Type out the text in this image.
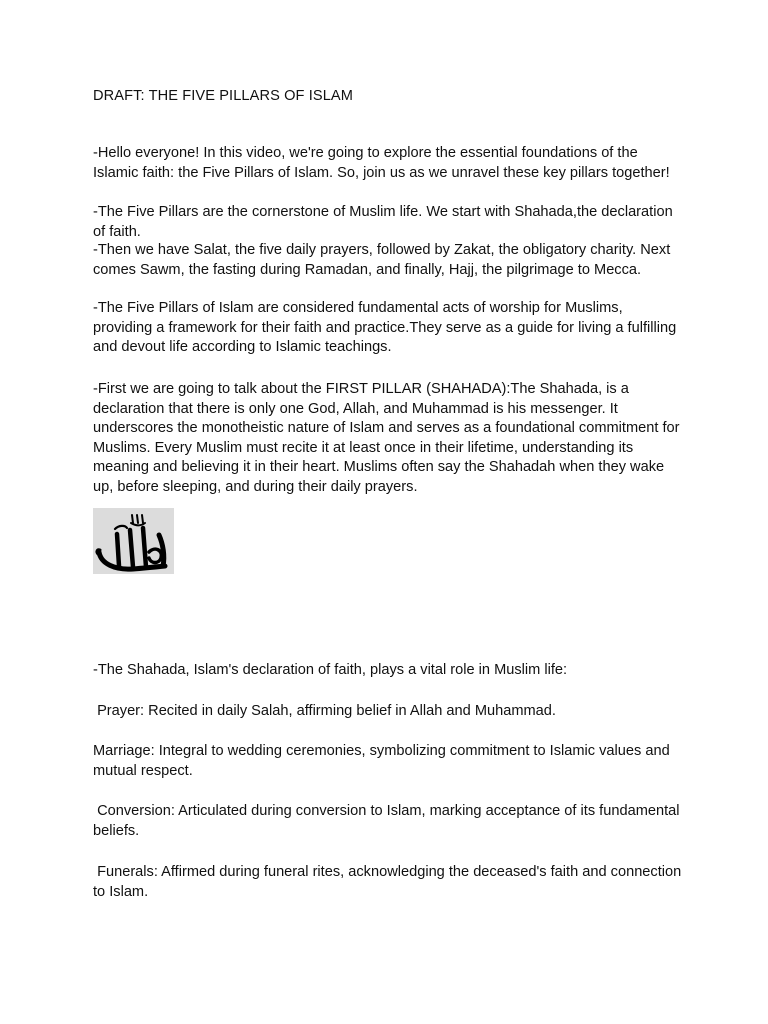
DRAFT: THE FIVE PILLARS OF ISLAM

-Hello everyone! In this video, we're going to explore the essential foundations of the Islamic faith: the Five Pillars of Islam. So, join us as we unravel these key pillars together!

-The Five Pillars are the cornerstone of Muslim life. We start with Shahada,the declaration of faith.

-Then we have Salat, the five daily prayers, followed by Zakat, the obligatory charity. Next comes Sawm, the fasting during Ramadan, and finally, Hajj, the pilgrimage to Mecca.

-The Five Pillars of Islam are considered fundamental acts of worship for Muslims, providing a framework for their faith and practice.They serve as a guide for living a fulfilling and devout life according to Islamic teachings.

-First we are going to talk about the FIRST PILLAR (SHAHADA):The Shahada, is a declaration that there is only one God, Allah, and Muhammad is his messenger. It underscores the monotheistic nature of Islam and serves as a foundational commitment for Muslims. Every Muslim must recite it at least once in their lifetime, understanding its meaning and believing it in their heart. Muslims often say the Shahadah when they wake up, before sleeping, and during their daily prayers.

-The Shahada, Islam's declaration of faith, plays a vital role in Muslim life:

Prayer: Recited in daily Salah, affirming belief in Allah and Muhammad.

Marriage: Integral to wedding ceremonies, symbolizing commitment to Islamic values and mutual respect.

Conversion: Articulated during conversion to Islam, marking acceptance of its fundamental beliefs.

Funerals: Affirmed during funeral rites, acknowledging the deceased's faith and connection to Islam.
